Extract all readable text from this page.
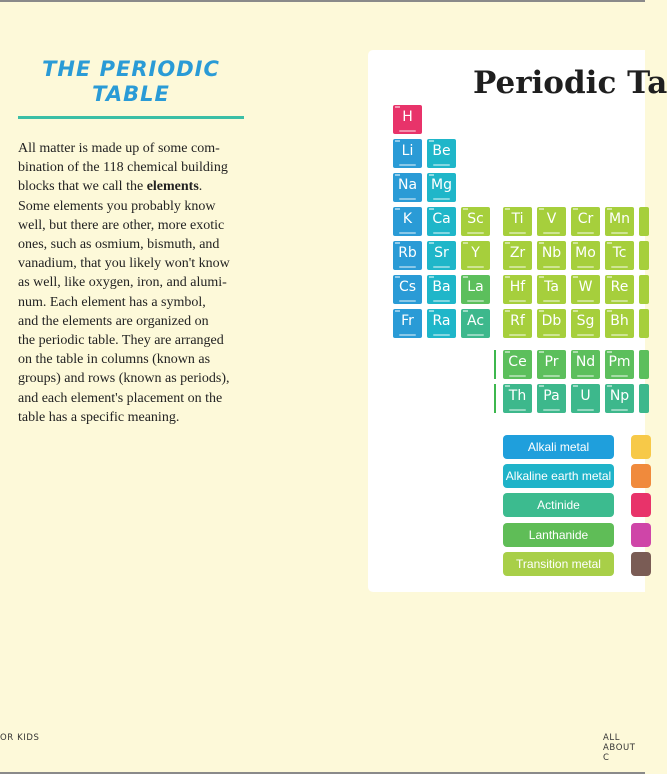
THE PERIODIC
TABLE
All matter is made up of some com-
bination of the 118 chemical building
blocks that we call the elements.
Some elements you probably know
well, but there are other, more exotic
ones, such as osmium, bismuth, and
vanadium, that you likely won't know
as well, like oxygen, iron, and alumi-
num. Each element has a symbol,
and the elements are organized on
the periodic table. They are arranged
on the table in columns (known as
groups) and rows (known as periods),
and each element's placement on the
table has a specific meaning.
Periodic Ta
H
Li	Be
Na Mg
K	Ca	Sc	Ti	V	Cr	Mn
Rb	Sr	Y	Zr	Nb	Mo	Tc
Cs	Ba	La	Hf	Ta	W	Re
Fr	Ra	Ac	Rf	Db	Sg	Bh
Ce	Pr	Nd Pm
Th	Pa	U	Np
Alkali metal
Alkaline earth metal
Actinide
Lanthanide
Transition metal
OR KIDS	ALL ABOUT C
